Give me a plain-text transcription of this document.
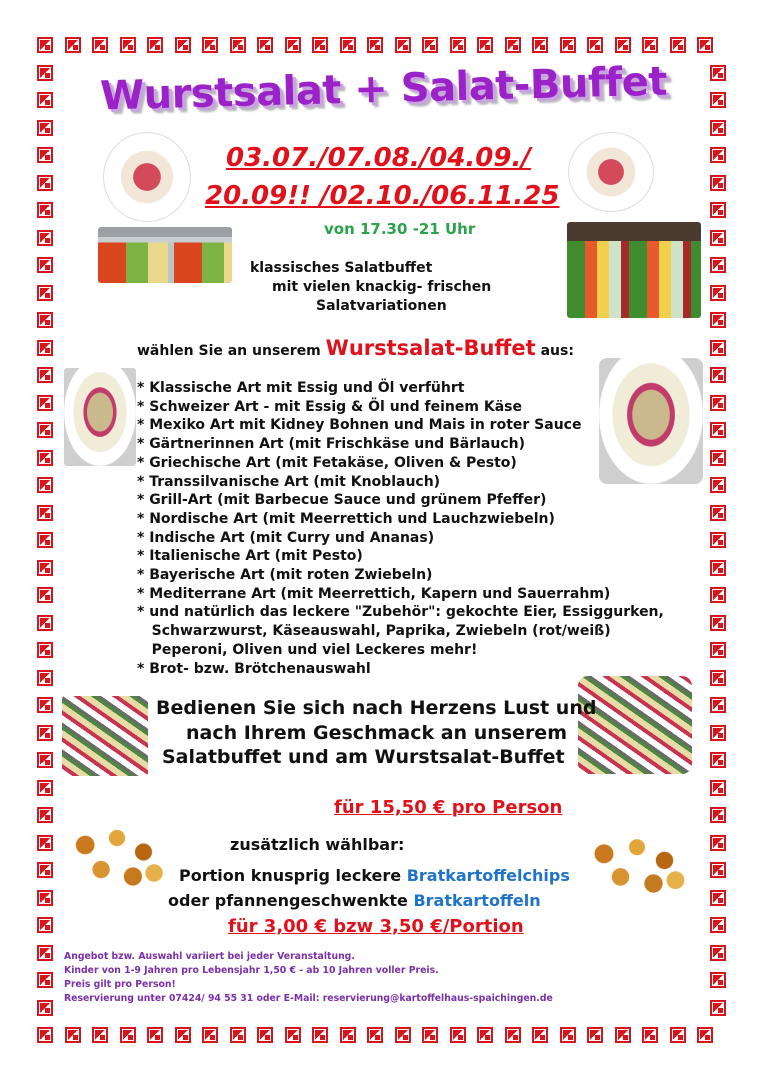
Wurstsalat + Salat-Buffet
03.07./07.08./04.09./
20.09!! /02.10./06.11.25
von 17.30 -21 Uhr
klassisches Salatbuffet
mit vielen knackig- frischen
Salatvariationen
wählen Sie an unserem Wurstsalat-Buffet aus:
* Klassische Art mit Essig und Öl verführt
* Schweizer Art - mit Essig & Öl und feinem Käse
* Mexiko Art mit Kidney Bohnen und Mais in roter Sauce
* Gärtnerinnen Art (mit Frischkäse und Bärlauch)
* Griechische Art (mit Fetakäse, Oliven & Pesto)
* Transsilvanische Art (mit Knoblauch)
* Grill-Art (mit Barbecue Sauce und grünem Pfeffer)
* Nordische Art (mit Meerrettich und Lauchzwiebeln)
* Indische Art (mit Curry und Ananas)
* Italienische Art (mit Pesto)
* Bayerische Art (mit roten Zwiebeln)
* Mediterrane Art (mit Meerrettich, Kapern und Sauerrahm)
* und natürlich das leckere "Zubehör": gekochte Eier, Essiggurken,
Schwarzwurst, Käseauswahl, Paprika, Zwiebeln (rot/weiß)
Peperoni, Oliven und viel Leckeres mehr!
* Brot- bzw. Brötchenauswahl
Bedienen Sie sich nach Herzens Lust und
nach Ihrem Geschmack an unserem
Salatbuffet und am Wurstsalat-Buffet
für 15,50 € pro Person
zusätzlich wählbar:
Portion knusprig leckere Bratkartoffelchips
oder pfannengeschwenkte Bratkartoffeln
für 3,00 € bzw 3,50 €/Portion
Angebot bzw. Auswahl variiert bei jeder Veranstaltung.
Kinder von 1-9 Jahren pro Lebensjahr 1,50 € - ab 10 Jahren voller Preis.
Preis gilt pro Person!
Reservierung unter 07424/ 94 55 31 oder E-Mail: reservierung@kartoffelhaus-spaichingen.de
